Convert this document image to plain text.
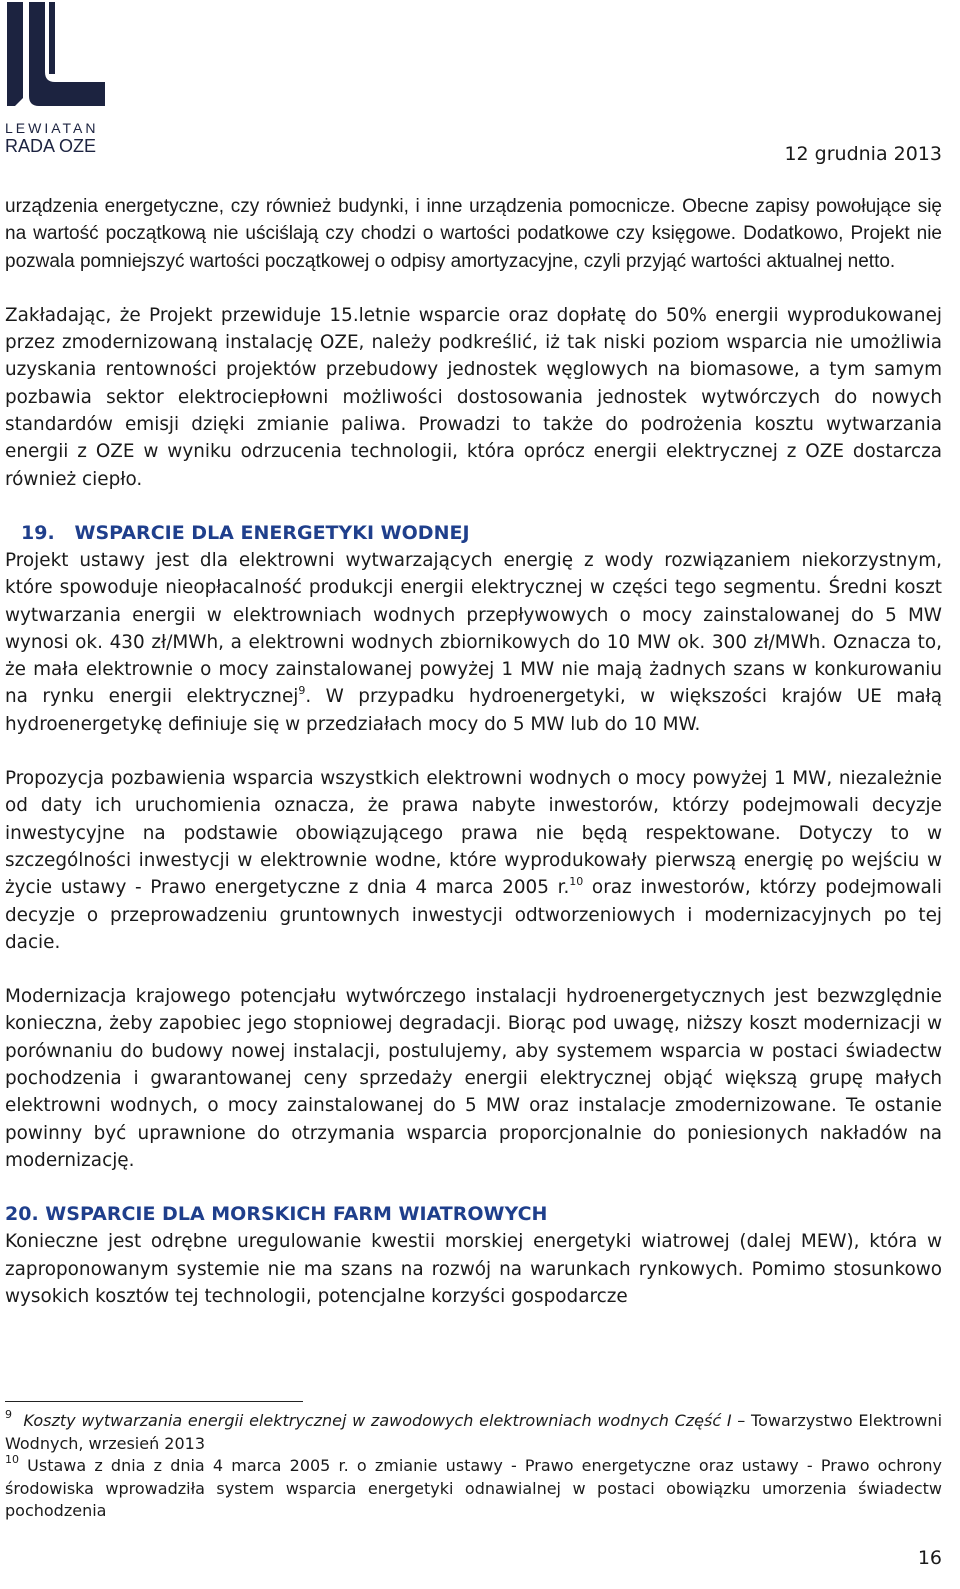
LEWIATAN
RADA OZE	12 grudnia 2013

urządzenia energetyczne, czy również budynki, i inne urządzenia pomocnicze. Obecne zapisy powołujące się na wartość początkową nie uściślają czy chodzi o wartości podatkowe czy księgowe. Dodatkowo, Projekt nie pozwala pomniejszyć wartości początkowej o odpisy amortyzacyjne, czyli przyjąć wartości aktualnej netto.

Zakładając, że Projekt przewiduje 15.letnie wsparcie oraz dopłatę do 50% energii wyprodukowanej przez zmodernizowaną instalację OZE, należy podkreślić, iż tak niski poziom wsparcia nie umożliwia uzyskania rentowności projektów przebudowy jednostek węglowych na biomasowe, a tym samym pozbawia sektor elektrociepłowni możliwości dostosowania jednostek wytwórczych do nowych standardów emisji dzięki zmianie paliwa. Prowadzi to także do podrożenia kosztu wytwarzania energii z OZE w wyniku odrzucenia technologii, która oprócz energii elektrycznej z OZE dostarcza również ciepło.

19. WSPARCIE DLA ENERGETYKI WODNEJ

Projekt ustawy jest dla elektrowni wytwarzających energię z wody rozwiązaniem niekorzystnym, które spowoduje nieopłacalność produkcji energii elektrycznej w części tego segmentu. Średni koszt wytwarzania energii w elektrowniach wodnych przepływowych o mocy zainstalowanej do 5 MW wynosi ok. 430 zł/MWh, a elektrowni wodnych zbiornikowych do 10 MW ok. 300 zł/MWh. Oznacza to, że mała elektrownie o mocy zainstalowanej powyżej 1 MW nie mają żadnych szans w konkurowaniu na rynku energii elektrycznej$^9$. W przypadku hydroenergetyki, w większości krajów UE małą hydroenergetykę definiuje się w przedziałach mocy do 5 MW lub do 10 MW.

Propozycja pozbawienia wsparcia wszystkich elektrowni wodnych o mocy powyżej 1 MW, niezależnie od daty ich uruchomienia oznacza, że prawa nabyte inwestorów, którzy podejmowali decyzje inwestycyjne na podstawie obowiązującego prawa nie będą respektowane. Dotyczy to w szczególności inwestycji w elektrownie wodne, które wyprodukowały pierwszą energię po wejściu w życie ustawy - Prawo energetyczne z dnia 4 marca 2005 r.$^{10}$ oraz inwestorów, którzy podejmowali decyzje o przeprowadzeniu gruntownych inwestycji odtworzeniowych i modernizacyjnych po tej dacie.

Modernizacja krajowego potencjału wytwórczego instalacji hydroenergetycznych jest bezwzględnie konieczna, żeby zapobiec jego stopniowej degradacji. Biorąc pod uwagę, niższy koszt modernizacji w porównaniu do budowy nowej instalacji, postulujemy, aby systemem wsparcia w postaci świadectw pochodzenia i gwarantowanej ceny sprzedaży energii elektrycznej objąć większą grupę małych elektrowni wodnych, o mocy zainstalowanej do 5 MW oraz instalacje zmodernizowane. Te ostanie powinny być uprawnione do otrzymania wsparcia proporcjonalnie do poniesionych nakładów na modernizację.

20. WSPARCIE DLA MORSKICH FARM WIATROWYCH

Konieczne jest odrębne uregulowanie kwestii morskiej energetyki wiatrowej (dalej MEW), która w zaproponowanym systemie nie ma szans na rozwój na warunkach rynkowych. Pomimo stosunkowo wysokich kosztów tej technologii, potencjalne korzyści gospodarcze

$^9$ Koszty wytwarzania energii elektrycznej w zawodowych elektrowniach wodnych Część I – Towarzystwo Elektrowni Wodnych, wrzesień 2013

$^{10}$ Ustawa z dnia z dnia 4 marca 2005 r. o zmianie ustawy - Prawo energetyczne oraz ustawy - Prawo ochrony środowiska wprowadziła system wsparcia energetyki odnawialnej w postaci obowiązku umorzenia świadectw pochodzenia

16
